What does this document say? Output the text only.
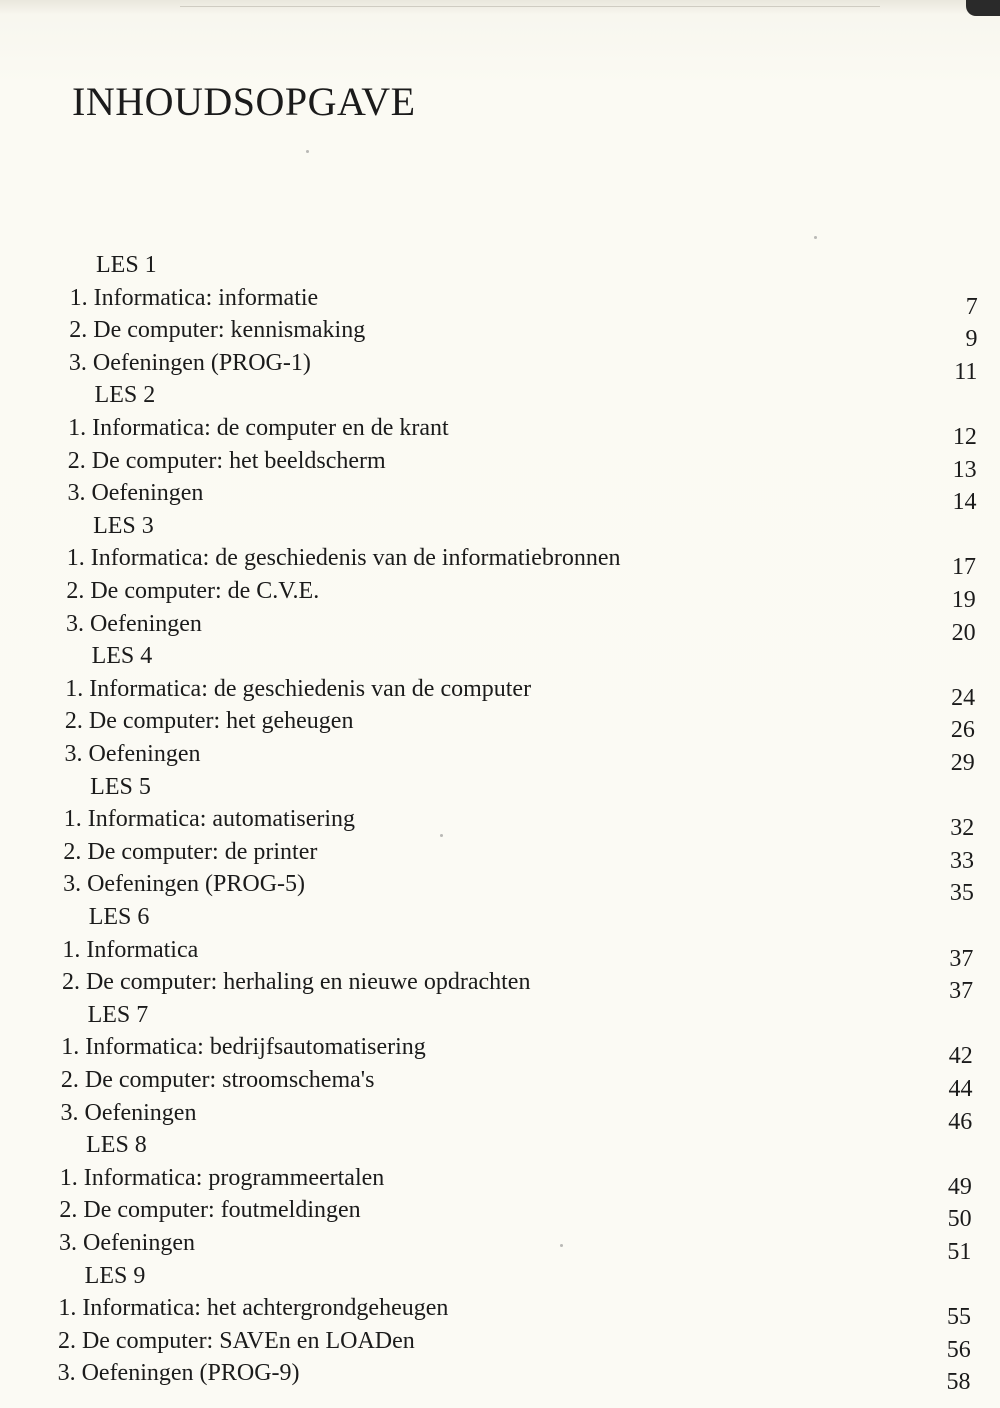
INHOUDSOPGAVE
LES 1
1. Informatica: informatie	7
2. De computer: kennismaking	9
3. Oefeningen (PROG-1)	11
LES 2
1. Informatica: de computer en de krant	12
2. De computer: het beeldscherm	13
3. Oefeningen	14
LES 3
1. Informatica: de geschiedenis van de informatiebronnen	17
2. De computer: de C.V.E.	19
3. Oefeningen	20
LES 4
1. Informatica: de geschiedenis van de computer	24
2. De computer: het geheugen	26
3. Oefeningen	29
LES 5
1. Informatica: automatisering	32
2. De computer: de printer	33
3. Oefeningen (PROG-5)	35
LES 6
1. Informatica	37
2. De computer: herhaling en nieuwe opdrachten	37
LES 7
1. Informatica: bedrijfsautomatisering	42
2. De computer: stroomschema's	44
3. Oefeningen	46
LES 8
1. Informatica: programmeertalen	49
2. De computer: foutmeldingen	50
3. Oefeningen	51
LES 9
1. Informatica: het achtergrondgeheugen	55
2. De computer: SAVEn en LOADen	56
3. Oefeningen (PROG-9)	58
